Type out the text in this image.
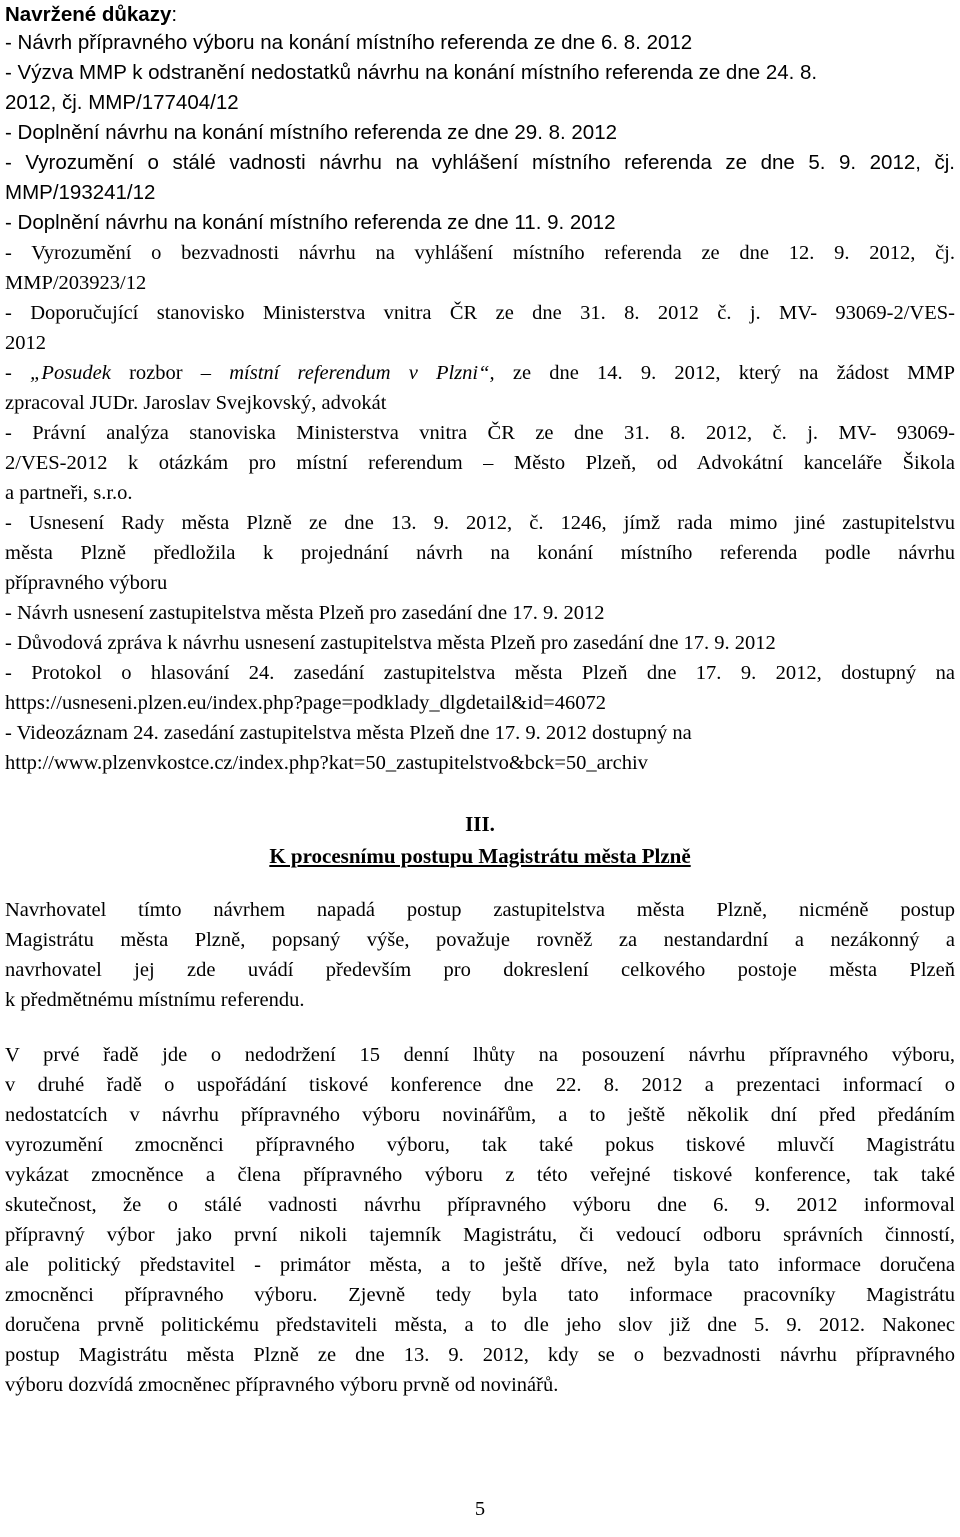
Navržené důkazy:
- Návrh přípravného výboru na konání místního referenda ze dne 6. 8. 2012
- Výzva MMP k odstranění nedostatků návrhu na konání místního referenda ze dne 24. 8.
2012, čj. MMP/177404/12
- Doplnění návrhu na konání místního referenda ze dne 29. 8. 2012
- Vyrozumění o stálé vadnosti návrhu na vyhlášení místního referenda ze dne 5. 9. 2012, čj.
MMP/193241/12
- Doplnění návrhu na konání místního referenda ze dne 11. 9. 2012
- Vyrozumění o bezvadnosti návrhu na vyhlášení místního referenda ze dne 12. 9. 2012, čj.
MMP/203923/12
- Doporučující stanovisko Ministerstva vnitra ČR ze dne 31. 8. 2012 č. j. MV- 93069-2/VES-
2012
- „Posudek rozbor – místní referendum v Plzni“, ze dne 14. 9. 2012, který na žádost MMP
zpracoval JUDr. Jaroslav Svejkovský, advokát
- Právní analýza stanoviska Ministerstva vnitra ČR ze dne 31. 8. 2012, č. j. MV- 93069-
2/VES-2012 k otázkám pro místní referendum – Město Plzeň, od Advokátní kanceláře Šikola
a partneři, s.r.o.
- Usnesení Rady města Plzně ze dne 13. 9. 2012, č. 1246, jímž rada mimo jiné zastupitelstvu
města Plzně předložila k projednání návrh na konání místního referenda podle návrhu
přípravného výboru
- Návrh usnesení zastupitelstva města Plzeň pro zasedání dne 17. 9. 2012
- Důvodová zpráva k návrhu usnesení zastupitelstva města Plzeň pro zasedání dne 17. 9. 2012
- Protokol o hlasování 24. zasedání zastupitelstva města Plzeň dne 17. 9. 2012, dostupný na
https://usneseni.plzen.eu/index.php?page=podklady_dlgdetail&id=46072
- Videozáznam 24. zasedání zastupitelstva města Plzeň dne 17. 9. 2012 dostupný na
http://www.plzenvkostce.cz/index.php?kat=50_zastupitelstvo&bck=50_archiv
III.
K procesnímu postupu Magistrátu města Plzně
Navrhovatel tímto návrhem napadá postup zastupitelstva města Plzně, nicméně postup
Magistrátu města Plzně, popsaný výše, považuje rovněž za nestandardní a nezákonný a
navrhovatel jej zde uvádí především pro dokreslení celkového postoje města Plzeň
k předmětnému místnímu referendu.
V prvé řadě jde o nedodržení 15 denní lhůty na posouzení návrhu přípravného výboru,
v druhé řadě o uspořádání tiskové konference dne 22. 8. 2012 a prezentaci informací o
nedostatcích v návrhu přípravného výboru novinářům, a to ještě několik dní před předáním
vyrozumění zmocněnci přípravného výboru, tak také pokus tiskové mluvčí Magistrátu
vykázat zmocněnce a člena přípravného výboru z této veřejné tiskové konference, tak také
skutečnost, že o stálé vadnosti návrhu přípravného výboru dne 6. 9. 2012 informoval
přípravný výbor jako první nikoli tajemník Magistrátu, či vedoucí odboru správních činností,
ale politický představitel - primátor města, a to ještě dříve, než byla tato informace doručena
zmocněnci přípravného výboru. Zjevně tedy byla tato informace pracovníky Magistrátu
doručena prvně politickému představiteli města, a to dle jeho slov již dne 5. 9. 2012. Nakonec
postup Magistrátu města Plzně ze dne 13. 9. 2012, kdy se o bezvadnosti návrhu přípravného
výboru dozvídá zmocněnec přípravného výboru prvně od novinářů.
5
